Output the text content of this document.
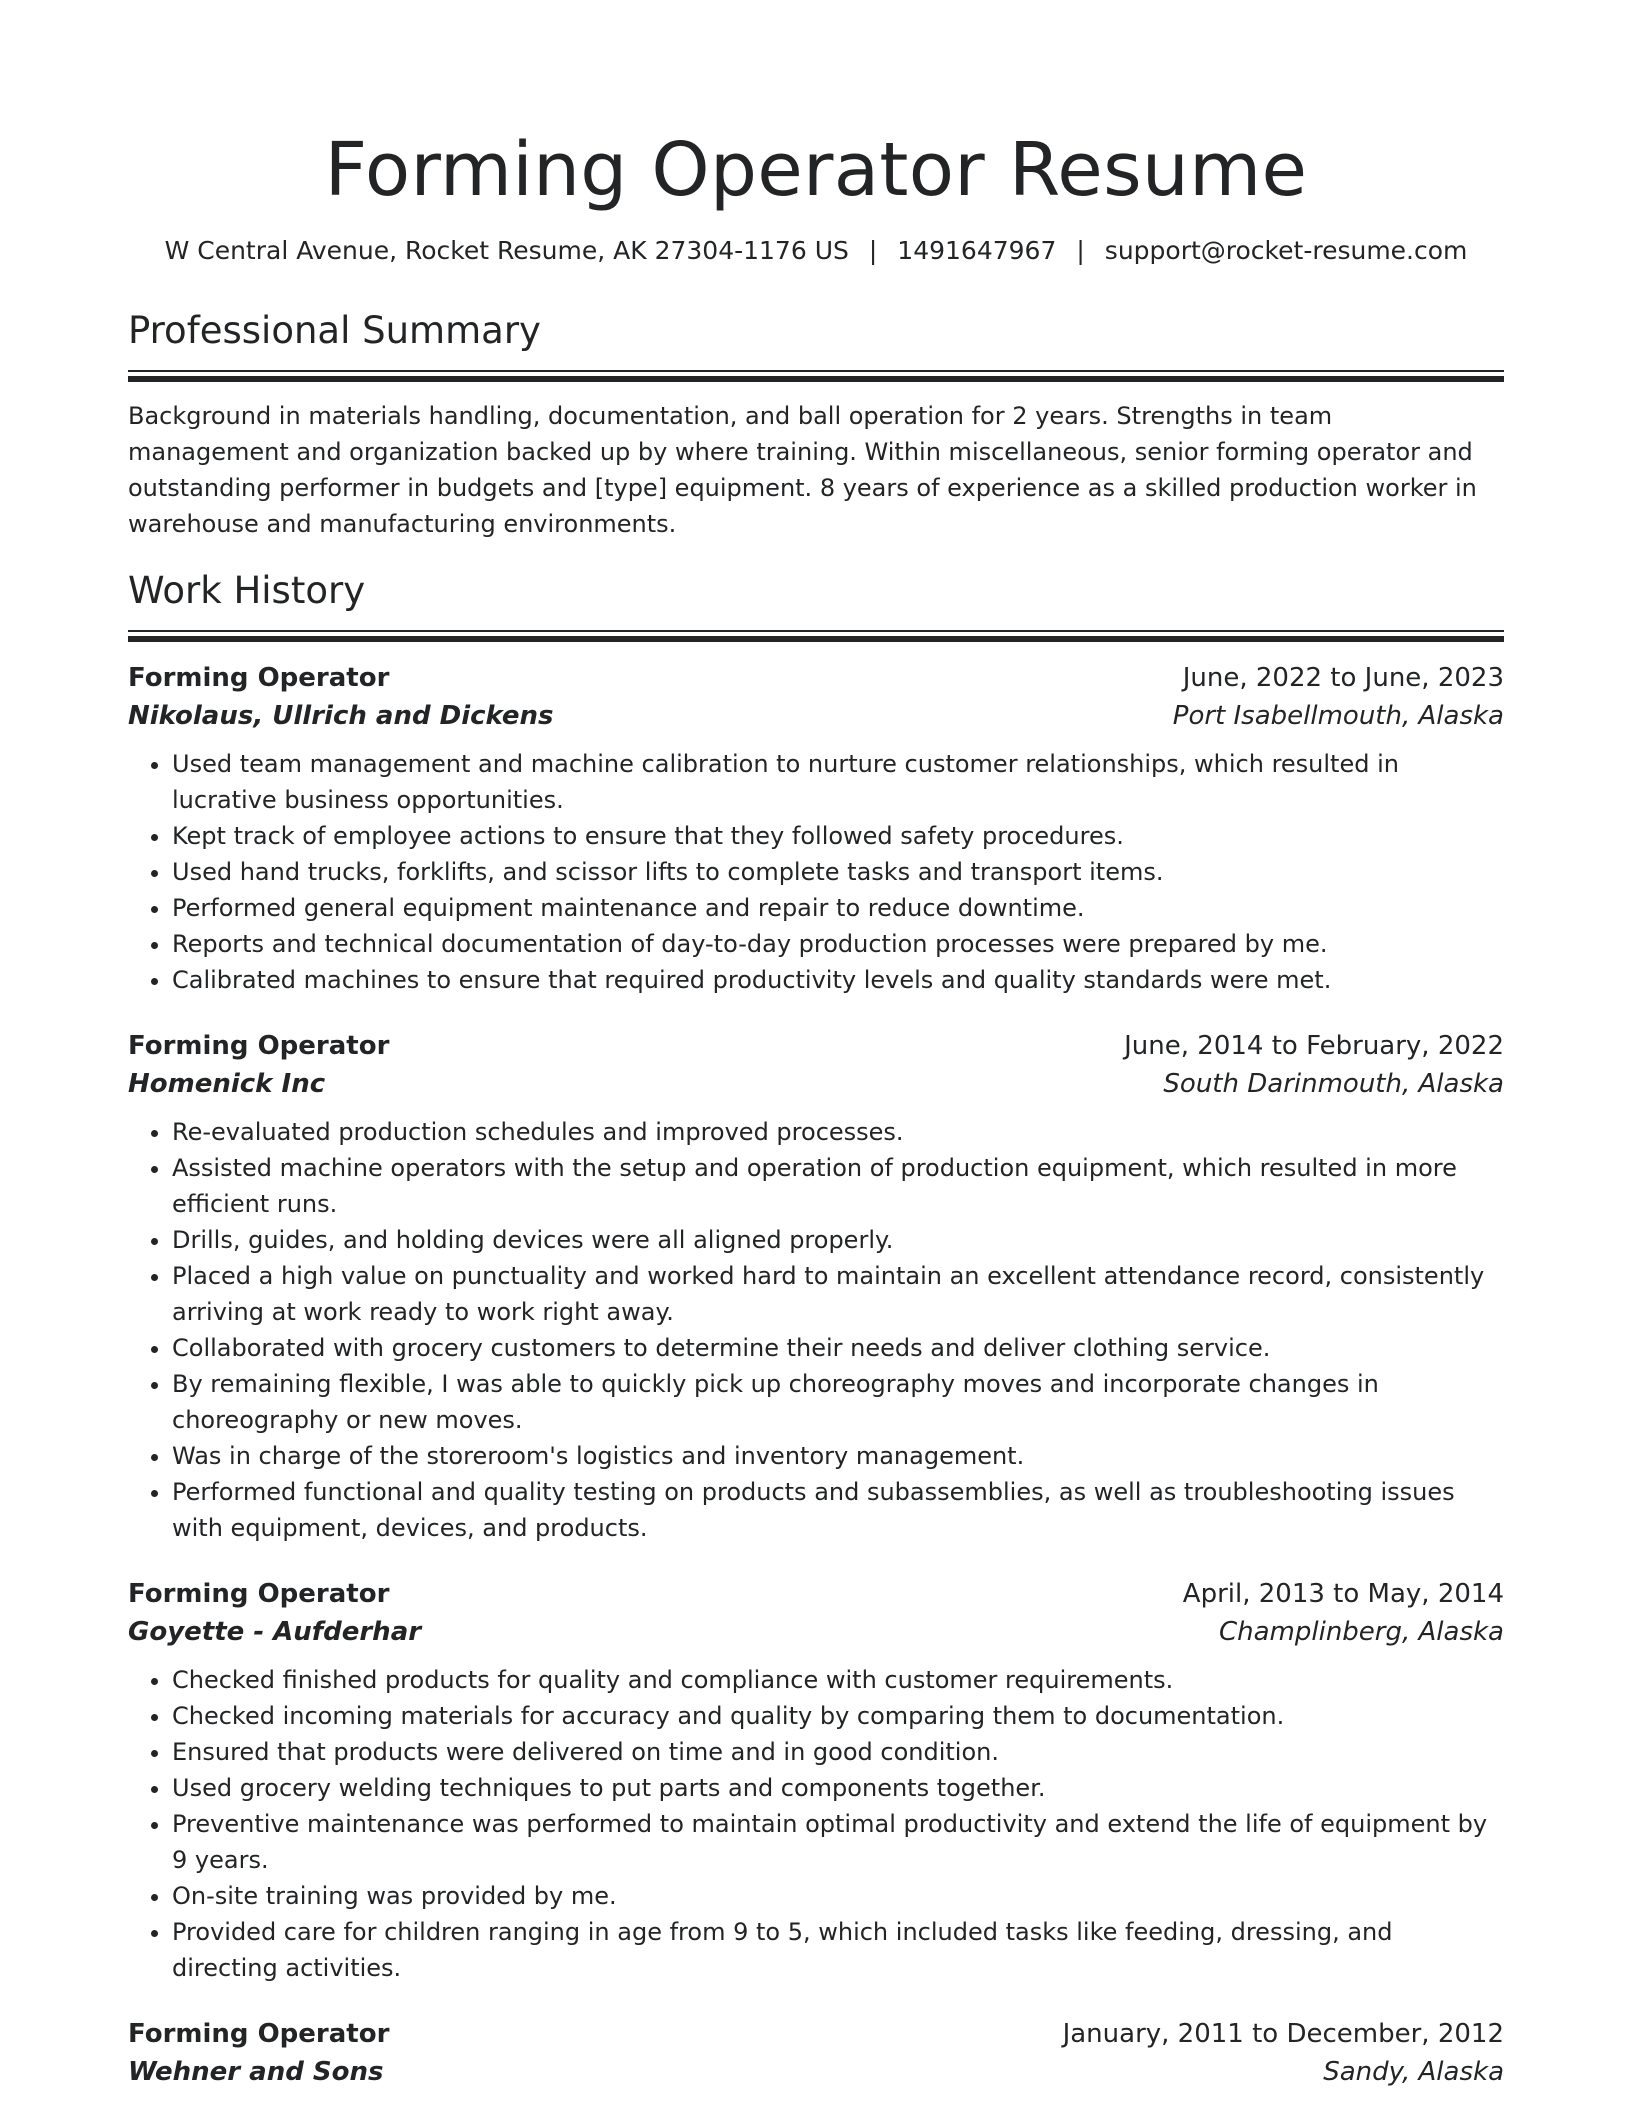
Forming Operator Resume
W Central Avenue, Rocket Resume, AK 27304-1176 US | 1491647967 | support@rocket-resume.com
Professional Summary
Background in materials handling, documentation, and ball operation for 2 years. Strengths in team management and organization backed up by where training. Within miscellaneous, senior forming operator and outstanding performer in budgets and [type] equipment. 8 years of experience as a skilled production worker in warehouse and manufacturing environments.
Work History
Forming Operator	June, 2022 to June, 2023
Nikolaus, Ullrich and Dickens	Port Isabellmouth, Alaska
• Used team management and machine calibration to nurture customer relationships, which resulted in lucrative business opportunities.
• Kept track of employee actions to ensure that they followed safety procedures.
• Used hand trucks, forklifts, and scissor lifts to complete tasks and transport items.
• Performed general equipment maintenance and repair to reduce downtime.
• Reports and technical documentation of day-to-day production processes were prepared by me.
• Calibrated machines to ensure that required productivity levels and quality standards were met.
Forming Operator	June, 2014 to February, 2022
Homenick Inc	South Darinmouth, Alaska
• Re-evaluated production schedules and improved processes.
• Assisted machine operators with the setup and operation of production equipment, which resulted in more efficient runs.
• Drills, guides, and holding devices were all aligned properly.
• Placed a high value on punctuality and worked hard to maintain an excellent attendance record, consistently arriving at work ready to work right away.
• Collaborated with grocery customers to determine their needs and deliver clothing service.
• By remaining flexible, I was able to quickly pick up choreography moves and incorporate changes in choreography or new moves.
• Was in charge of the storeroom's logistics and inventory management.
• Performed functional and quality testing on products and subassemblies, as well as troubleshooting issues with equipment, devices, and products.
Forming Operator	April, 2013 to May, 2014
Goyette - Aufderhar	Champlinberg, Alaska
• Checked finished products for quality and compliance with customer requirements.
• Checked incoming materials for accuracy and quality by comparing them to documentation.
• Ensured that products were delivered on time and in good condition.
• Used grocery welding techniques to put parts and components together.
• Preventive maintenance was performed to maintain optimal productivity and extend the life of equipment by 9 years.
• On-site training was provided by me.
• Provided care for children ranging in age from 9 to 5, which included tasks like feeding, dressing, and directing activities.
Forming Operator	January, 2011 to December, 2012
Wehner and Sons	Sandy, Alaska
